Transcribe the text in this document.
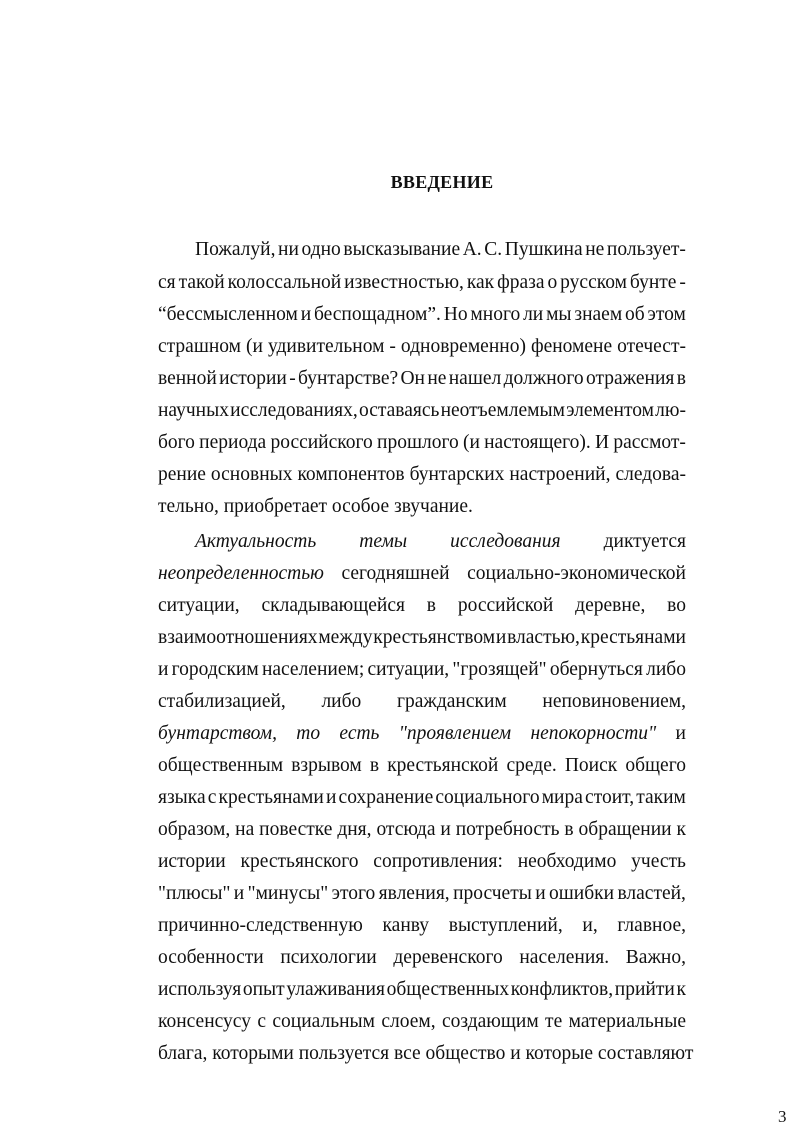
ВВЕДЕНИЕ
Пожалуй, ни одно высказывание А. С. Пушкина не пользует-
ся такой колоссальной известностью, как фраза о русском бунте -
“бессмысленном и беспощадном”. Но много ли мы знаем об этом
страшном (и удивительном - одновременно) феномене отечест-
венной истории - бунтарстве? Он не нашел должного отражения в
научных исследованиях, оставаясь неотъемлемым элементом лю-
бого периода российского прошлого (и настоящего). И рассмот-
рение основных компонентов бунтарских настроений, следова-
тельно, приобретает особое звучание.
Актуальность темы исследования диктуется
неопределенностью сегодняшней социально-экономической
ситуации, складывающейся в российской деревне, во
взаимоотношениях между крестьянством и властью, крестьянами
и городским населением; ситуации, "грозящей" обернуться либо
стабилизацией, либо гражданским неповиновением,
бунтарством, то есть "проявлением непокорности" и
общественным взрывом в крестьянской среде. Поиск общего
языка с крестьянами и сохранение социального мира стоит, таким
образом, на повестке дня, отсюда и потребность в обращении к
истории крестьянского сопротивления: необходимо учесть
"плюсы" и "минусы" этого явления, просчеты и ошибки властей,
причинно-следственную канву выступлений, и, главное,
особенности психологии деревенского населения. Важно,
используя опыт улаживания общественных конфликтов, прийти к
консенсусу с социальным слоем, создающим те материальные
блага, которыми пользуется все общество и которые составляют
3
